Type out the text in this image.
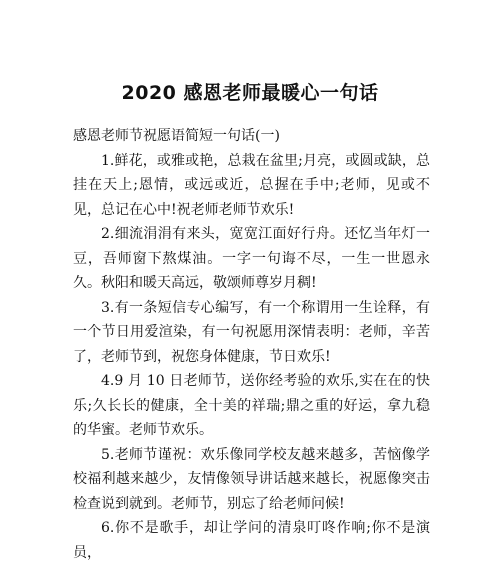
2020 感恩老师最暖心一句话

感恩老师节祝愿语简短一句话(一)

1.鲜花，或雅或艳，总栽在盆里;月亮，或圆或缺，总挂在天上;恩情，或远或近，总握在手中;老师，见或不见，总记在心中!祝老师老师节欢乐!

2.细流涓涓有来头，宽宽江面好行舟。还忆当年灯一豆，吾师窗下熬煤油。一字一句诲不尽，一生一世恩永久。秋阳和暖天高远，敬颂师尊岁月稠!

3.有一条短信专心编写，有一个称谓用一生诠释，有一个节日用爱渲染，有一句祝愿用深情表明：老师，辛苦了，老师节到，祝您身体健康，节日欢乐!

4.9 月 10 日老师节，送你经考验的欢乐,实在在的快乐;久长长的健康，全十美的祥瑞;鼎之重的好运，拿九稳的华蜜。老师节欢乐。

5.老师节谨祝：欢乐像同学校友越来越多，苦恼像学校福利越来越少，友情像领导讲话越来越长，祝愿像突击检查说到就到。老师节，别忘了给老师问候!

6.你不是歌手，却让学问的清泉叮咚作响;你不是演员，
